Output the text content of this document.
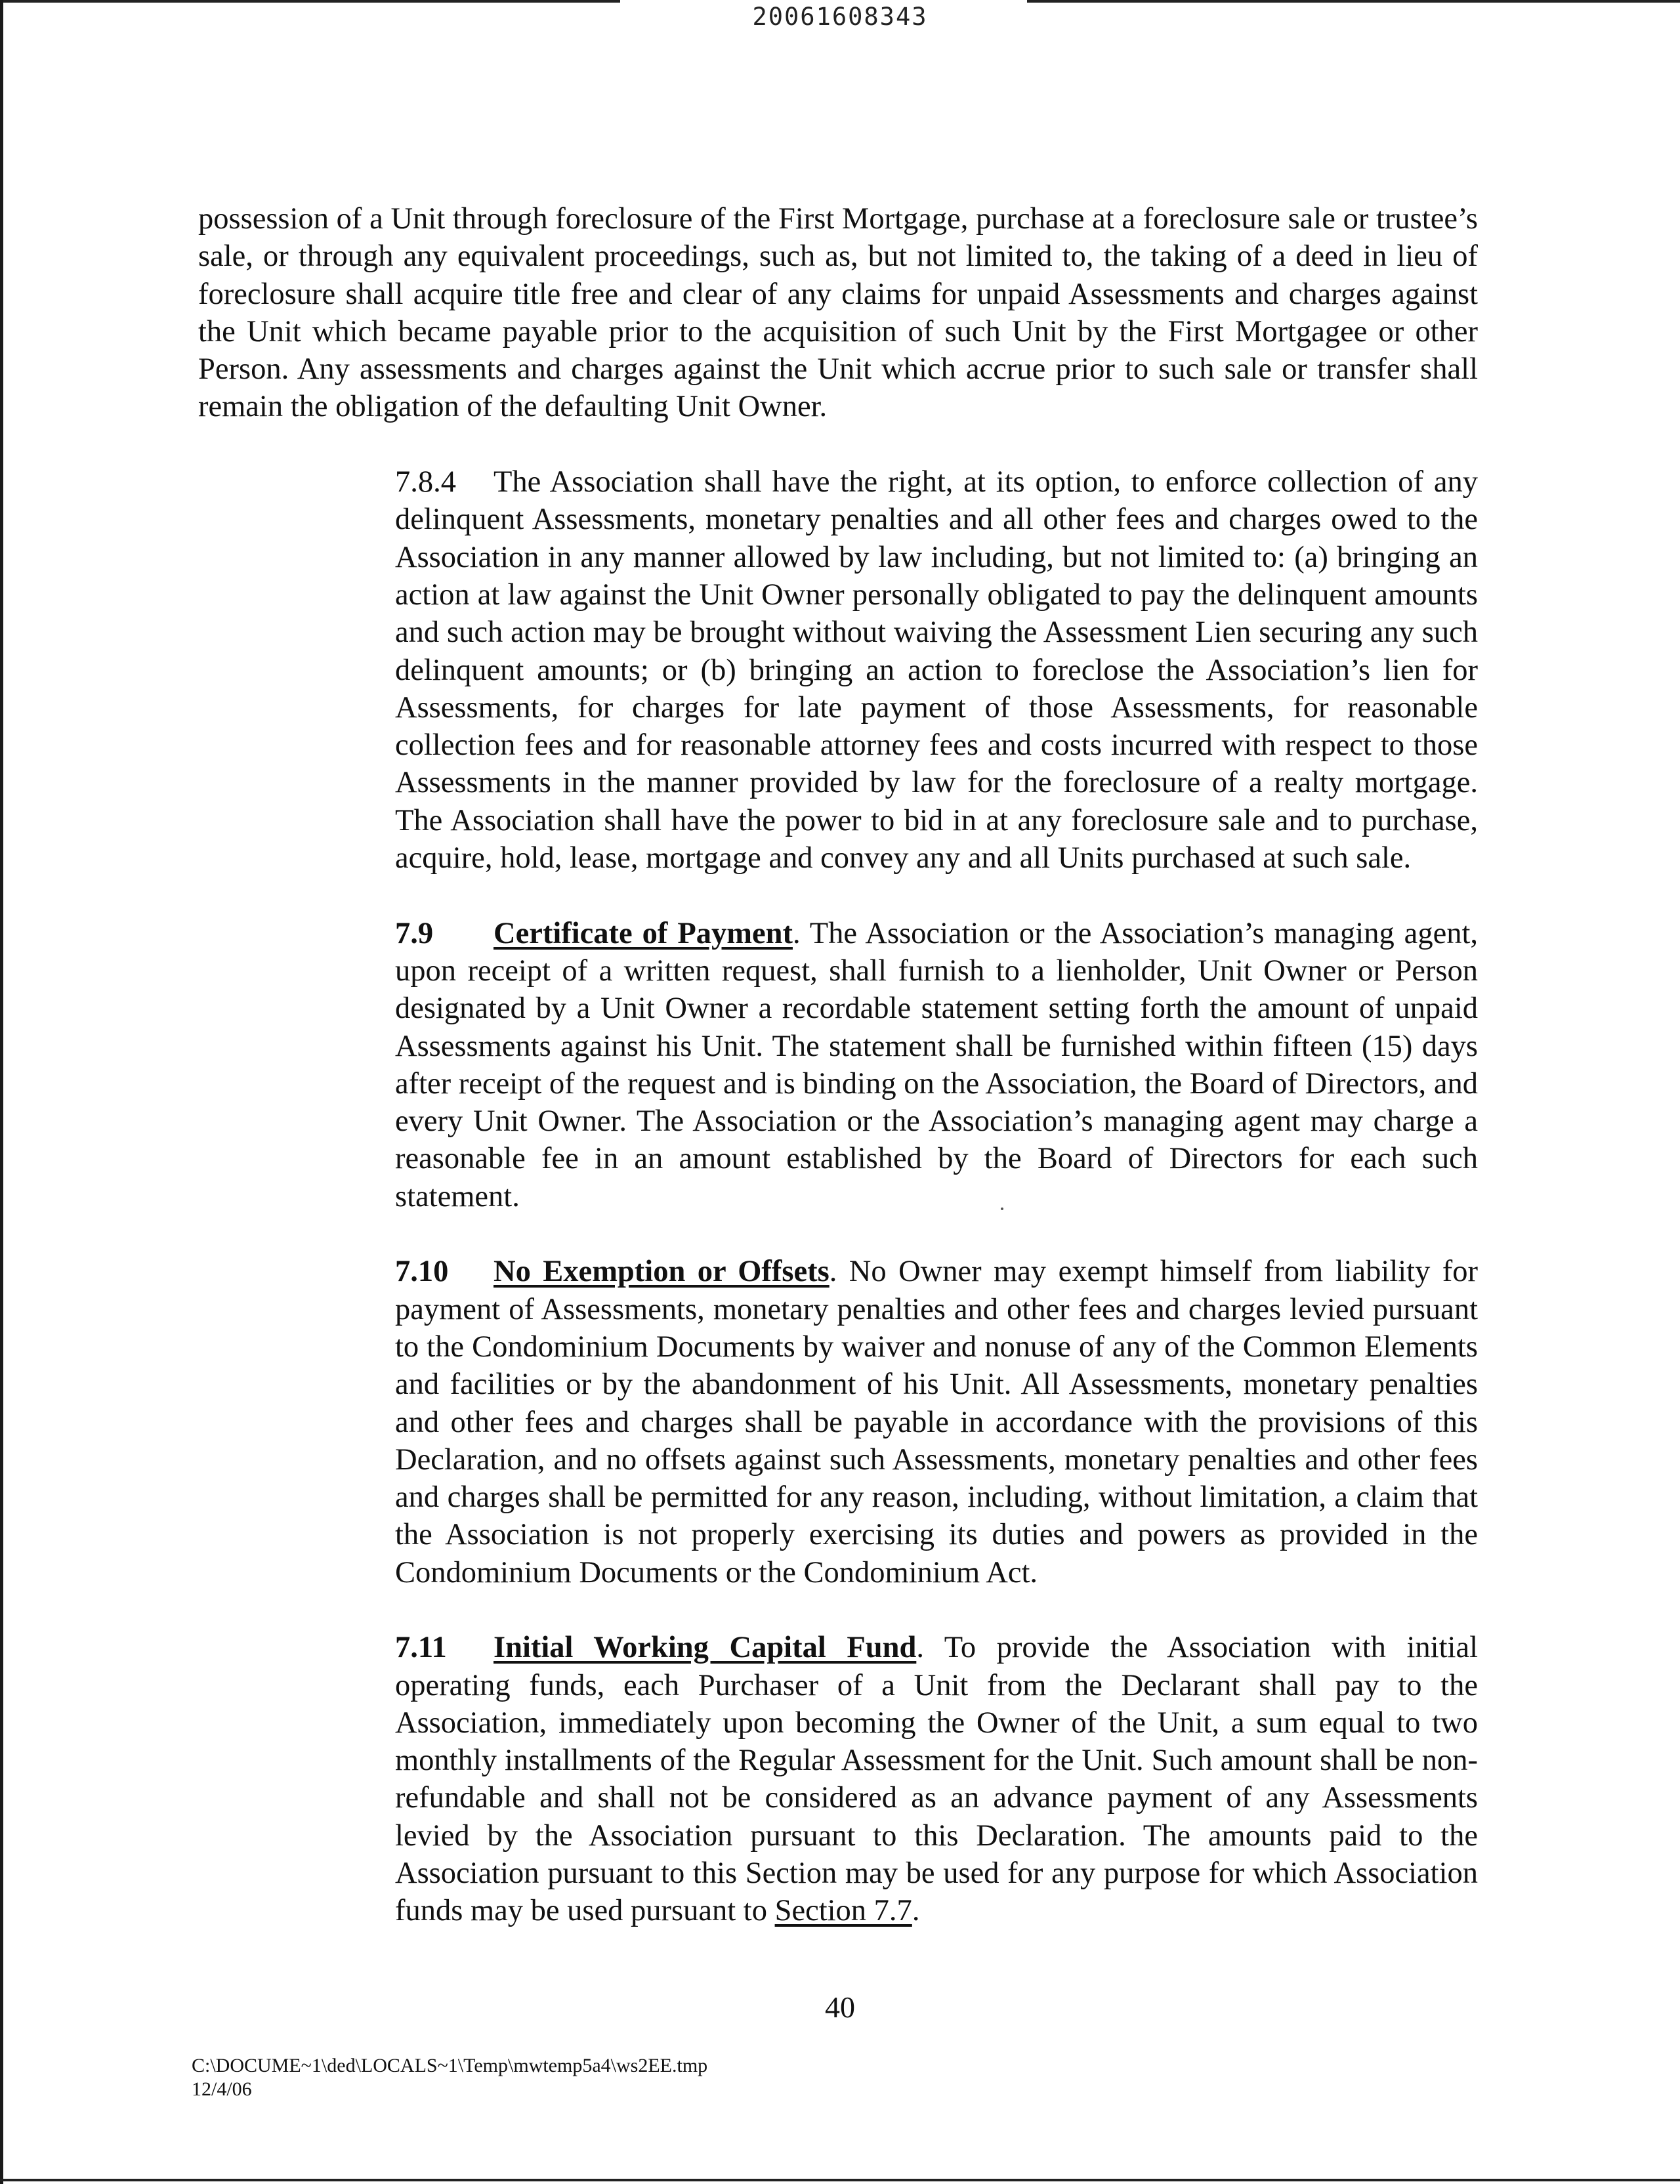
20061608343

possession of a Unit through foreclosure of the First Mortgage, purchase at a foreclosure sale or trustee’s sale, or through any equivalent proceedings, such as, but not limited to, the taking of a deed in lieu of foreclosure shall acquire title free and clear of any claims for unpaid Assessments and charges against the Unit which became payable prior to the acquisition of such Unit by the First Mortgagee or other Person. Any assessments and charges against the Unit which accrue prior to such sale or transfer shall remain the obligation of the defaulting Unit Owner.

7.8.4 The Association shall have the right, at its option, to enforce collection of any delinquent Assessments, monetary penalties and all other fees and charges owed to the Association in any manner allowed by law including, but not limited to: (a) bringing an action at law against the Unit Owner personally obligated to pay the delinquent amounts and such action may be brought without waiving the Assessment Lien securing any such delinquent amounts; or (b) bringing an action to foreclose the Association’s lien for Assessments, for charges for late payment of those Assessments, for reasonable collection fees and for reasonable attorney fees and costs incurred with respect to those Assessments in the manner provided by law for the foreclosure of a realty mortgage. The Association shall have the power to bid in at any foreclosure sale and to purchase, acquire, hold, lease, mortgage and convey any and all Units purchased at such sale.

7.9 Certificate of Payment. The Association or the Association’s managing agent, upon receipt of a written request, shall furnish to a lienholder, Unit Owner or Person designated by a Unit Owner a recordable statement setting forth the amount of unpaid Assessments against his Unit. The statement shall be furnished within fifteen (15) days after receipt of the request and is binding on the Association, the Board of Directors, and every Unit Owner. The Association or the Association’s managing agent may charge a reasonable fee in an amount established by the Board of Directors for each such statement.

7.10 No Exemption or Offsets. No Owner may exempt himself from liability for payment of Assessments, monetary penalties and other fees and charges levied pursuant to the Condominium Documents by waiver and nonuse of any of the Common Elements and facilities or by the abandonment of his Unit. All Assessments, monetary penalties and other fees and charges shall be payable in accordance with the provisions of this Declaration, and no offsets against such Assessments, monetary penalties and other fees and charges shall be permitted for any reason, including, without limitation, a claim that the Association is not properly exercising its duties and powers as provided in the Condominium Documents or the Condominium Act.

7.11 Initial Working Capital Fund. To provide the Association with initial operating funds, each Purchaser of a Unit from the Declarant shall pay to the Association, immediately upon becoming the Owner of the Unit, a sum equal to two monthly installments of the Regular Assessment for the Unit. Such amount shall be non-refundable and shall not be considered as an advance payment of any Assessments levied by the Association pursuant to this Declaration. The amounts paid to the Association pursuant to this Section may be used for any purpose for which Association funds may be used pursuant to Section 7.7.

40
C:\DOCUME~1\ded\LOCALS~1\Temp\mwtemp5a4\ws2EE.tmp
12/4/06
